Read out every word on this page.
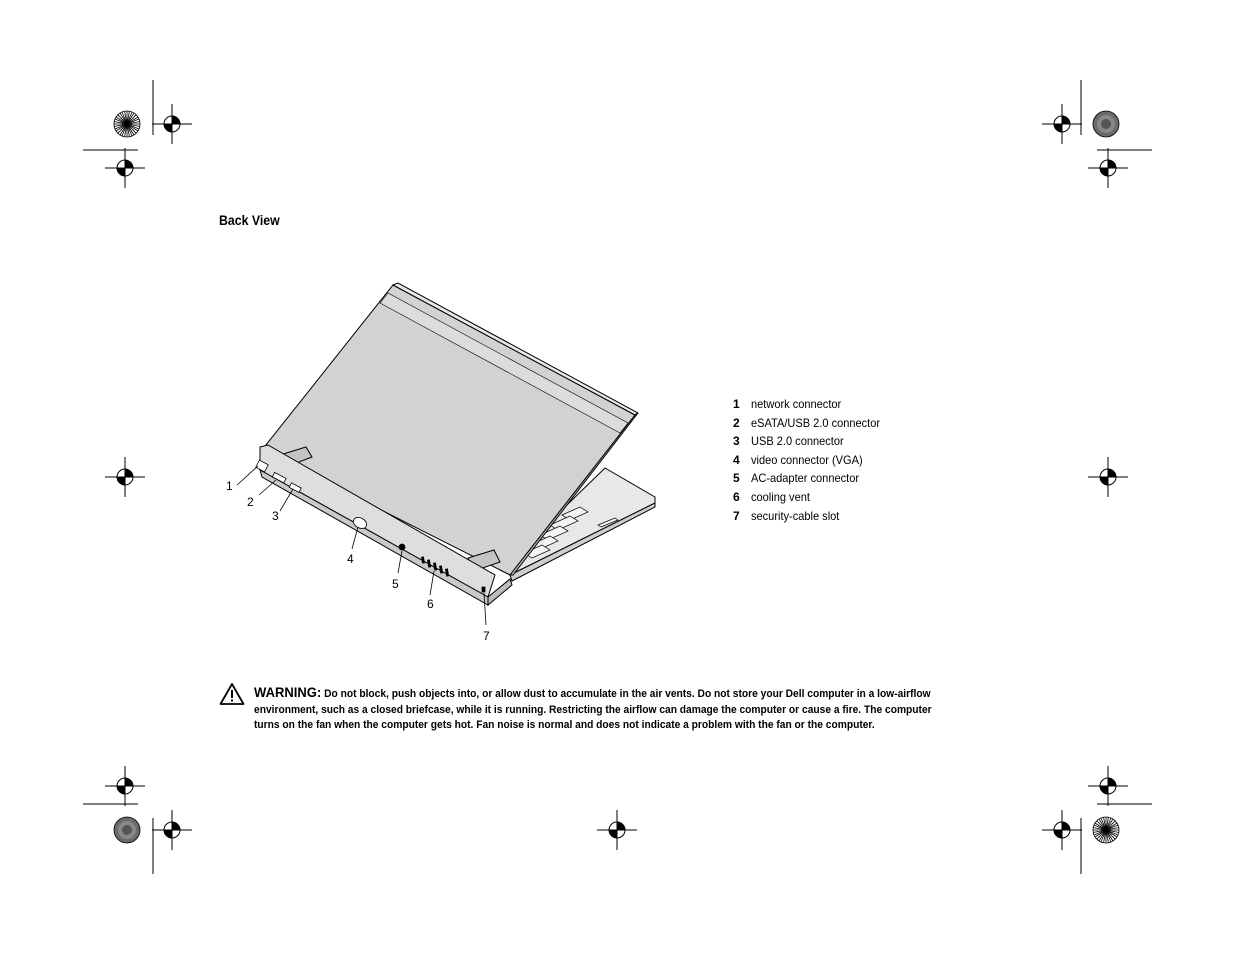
Back View
1
2
3
4
5
6
7
1 network connector
2 eSATA/USB 2.0 connector
3 USB 2.0 connector
4 video connector (VGA)
5 AC-adapter connector
6 cooling vent
7 security-cable slot
WARNING: Do not block, push objects into, or allow dust to accumulate in the air vents. Do not store your Dell computer in a low-airflow environment, such as a closed briefcase, while it is running. Restricting the airflow can damage the computer or cause a fire. The computer turns on the fan when the computer gets hot. Fan noise is normal and does not indicate a problem with the fan or the computer.
